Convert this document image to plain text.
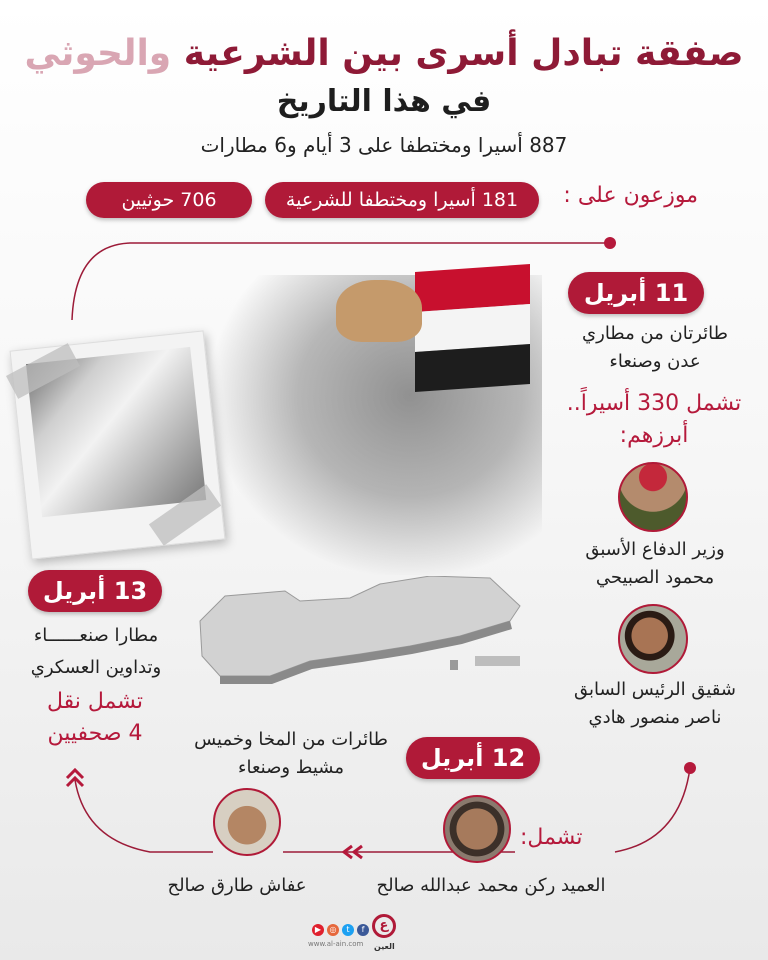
صفقة تبادل أسرى بين الشرعية والحوثي
في هذا التاريخ
887 أسيرا ومختطفا على 3 أيام و6 مطارات
موزعون على :
181 أسيرا ومختطفا للشرعية
706 حوثيين
11 أبريل
طائرتان من مطاري
عدن وصنعاء
تشمل 330 أسيراً..
أبرزهم:
وزير الدفاع الأسبق
محمود الصبيحي
شقيق الرئيس السابق
ناصر منصور هادي
13 أبريل
مطارا صنعــــــاء
وتداوين العسكري
تشمل نقل
4 صحفيين
12 أبريل
طائرات من المخا وخميس
مشيط وصنعاء
تشمل:
العميد ركن محمد عبدالله صالح
عفاش طارق صالح
▶	◎	t	f
www.al-ain.com
ع
العين
